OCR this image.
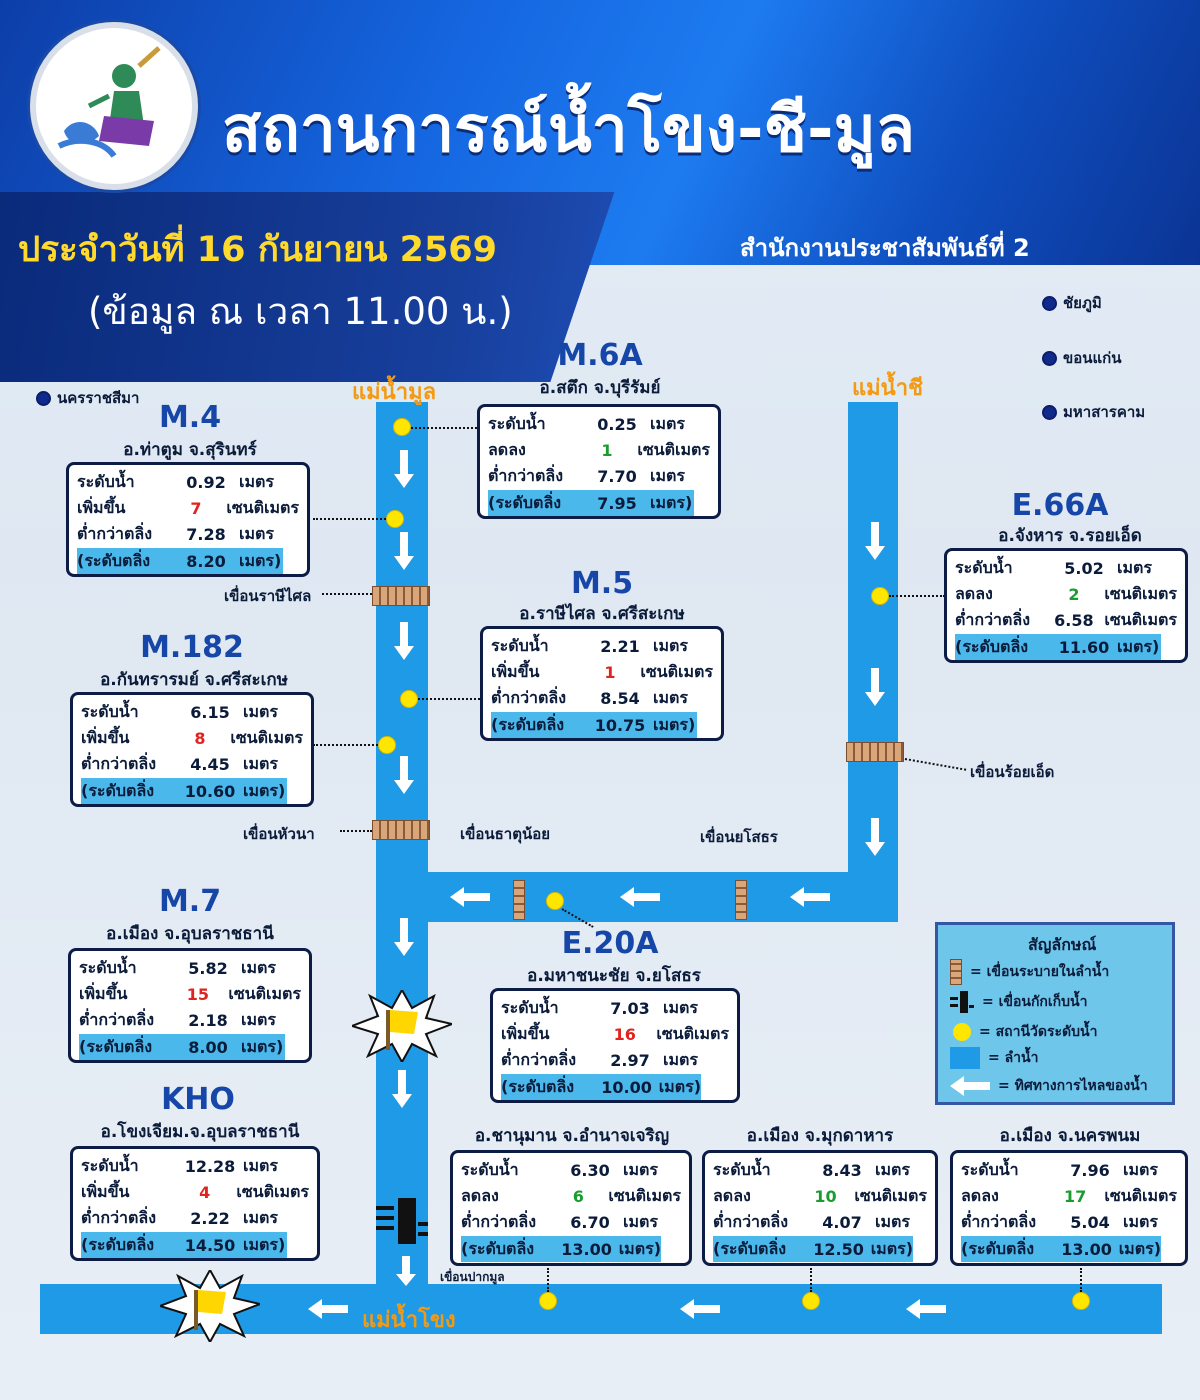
สถานการณ์น้ำโขง-ชี-มูล
ประจำวันที่ 16 กันยายน 2569
(ข้อมูล ณ เวลา 11.00 น.)
สำนักงานประชาสัมพันธ์ที่ 2
ชัยภูมิ
ขอนแก่น
มหาสารคาม
นครราชสีมา	แม่น้ำมูล	แม่น้ำชี
แม่น้ำโขง
เขื่อนราษีไศล
เขื่อนหัวนา	เขื่อนธาตุน้อย	เขื่อนยโสธร
เขื่อนร้อยเอ็ด
เขื่อนปากมูล
M.6A
อ.สตึก จ.บุรีรัมย์
ระดับน้ำ	0.25 เมตร
ลดลง	1	เซนติเมตร
ต่ำกว่าตลิ่ง	7.70 เมตร
(ระดับตลิ่ง	7.95 เมตร)
M.4
อ.ท่าตูม จ.สุรินทร์
ระดับน้ำ	0.92 เมตร
เพิ่มขึ้น	7	เซนติเมตร
ต่ำกว่าตลิ่ง	7.28 เมตร
(ระดับตลิ่ง	8.20 เมตร)
E.66A
อ.จังหาร จ.รอยเอ็ด
ระดับน้ำ	5.02 เมตร
ลดลง	2	เซนติเมตร
ต่ำกว่าตลิ่ง	6.58 เซนติเมตร
(ระดับตลิ่ง	11.60 เมตร)
M.5
อ.ราษีไศล จ.ศรีสะเกษ
ระดับน้ำ	2.21 เมตร
เพิ่มขึ้น	1	เซนติเมตร
ต่ำกว่าตลิ่ง	8.54 เมตร
(ระดับตลิ่ง	10.75 เมตร)
M.182
อ.กันทรารมย์ จ.ศรีสะเกษ
ระดับน้ำ	6.15 เมตร
เพิ่มขึ้น	8	เซนติเมตร
ต่ำกว่าตลิ่ง	4.45 เมตร
(ระดับตลิ่ง	10.60 เมตร)
M.7
อ.เมือง จ.อุบลราชธานี
ระดับน้ำ	5.82 เมตร
เพิ่มขึ้น	15	เซนติเมตร
ต่ำกว่าตลิ่ง	2.18 เมตร
(ระดับตลิ่ง	8.00 เมตร)
E.20A
อ.มหาชนะชัย จ.ยโสธร
ระดับน้ำ	7.03 เมตร
เพิ่มขึ้น	16	เซนติเมตร
ต่ำกว่าตลิ่ง	2.97 เมตร
(ระดับตลิ่ง	10.00 เมตร)
KHO
อ.โขงเจียม.จ.อุบลราชธานี
ระดับน้ำ	12.28 เมตร
เพิ่มขึ้น	4	เซนติเมตร
ต่ำกว่าตลิ่ง	2.22 เมตร
(ระดับตลิ่ง	14.50 เมตร)
อ.ชานุมาน จ.อำนาจเจริญ
ระดับน้ำ	6.30 เมตร
ลดลง	6	เซนติเมตร
ต่ำกว่าตลิ่ง	6.70 เมตร
(ระดับตลิ่ง	13.00 เมตร)
อ.เมือง จ.มุกดาหาร
ระดับน้ำ	8.43 เมตร
ลดลง	10	เซนติเมตร
ต่ำกว่าตลิ่ง	4.07 เมตร
(ระดับตลิ่ง	12.50 เมตร)
อ.เมือง จ.นครพนม
ระดับน้ำ	7.96 เมตร
ลดลง	17	เซนติเมตร
ต่ำกว่าตลิ่ง	5.04 เมตร
(ระดับตลิ่ง	13.00 เมตร)
สัญลักษณ์
= เขื่อนระบายในลำน้ำ
= เขื่อนกักเก็บน้ำ
= สถานีวัดระดับน้ำ
= ลำน้ำ
= ทิศทางการไหลของน้ำ
